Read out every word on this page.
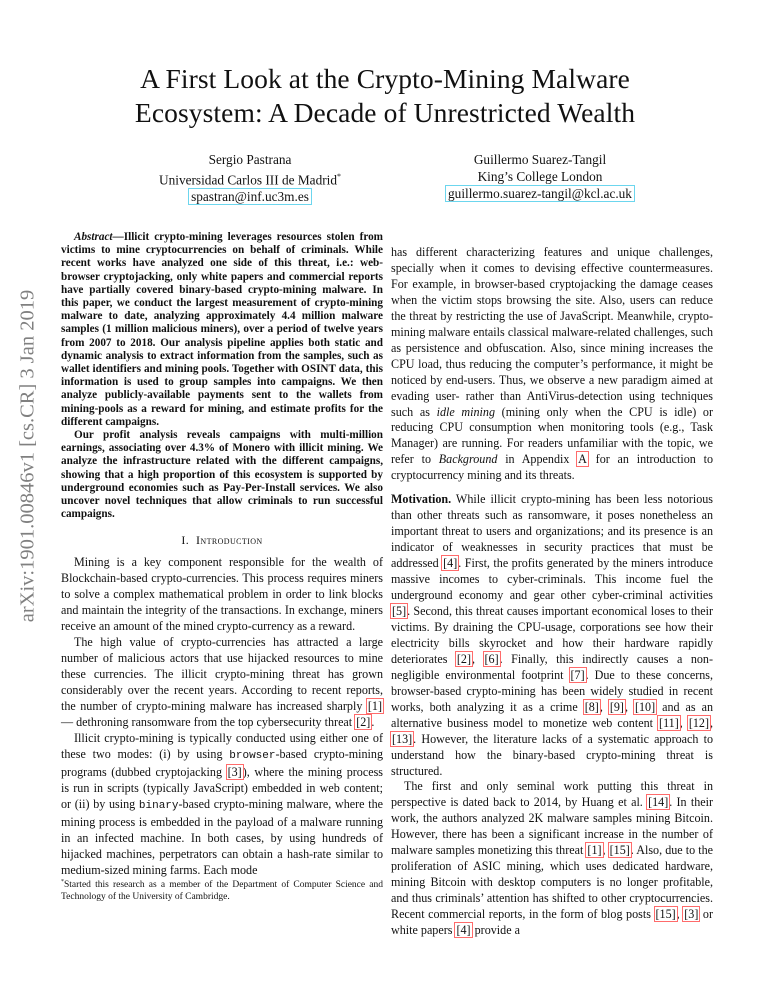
arXiv:1901.00846v1 [cs.CR] 3 Jan 2019
A First Look at the Crypto-Mining Malware
Ecosystem: A Decade of Unrestricted Wealth
Sergio Pastrana
Universidad Carlos III de Madrid*
spastran@inf.uc3m.es
Guillermo Suarez-Tangil
King’s College London
guillermo.suarez-tangil@kcl.ac.uk

Abstract—Illicit crypto-mining leverages resources stolen from victims to mine cryptocurrencies on behalf of criminals. While recent works have analyzed one side of this threat, i.e.: web-browser cryptojacking, only white papers and commercial reports have partially covered binary-based crypto-mining malware. In this paper, we conduct the largest measurement of crypto-mining malware to date, analyzing approximately 4.4 million malware samples (1 million malicious miners), over a period of twelve years from 2007 to 2018. Our analysis pipeline applies both static and dynamic analysis to extract information from the samples, such as wallet identifiers and mining pools. Together with OSINT data, this information is used to group samples into campaigns. We then analyze publicly-available payments sent to the wallets from mining-pools as a reward for mining, and estimate profits for the different campaigns.

Our profit analysis reveals campaigns with multi-million earnings, associating over 4.3% of Monero with illicit mining. We analyze the infrastructure related with the different campaigns, showing that a high proportion of this ecosystem is supported by underground economies such as Pay-Per-Install services. We also uncover novel techniques that allow criminals to run successful campaigns.

I. Introduction

Mining is a key component responsible for the wealth of Blockchain-based crypto-currencies. This process requires miners to solve a complex mathematical problem in order to link blocks and maintain the integrity of the transactions. In exchange, miners receive an amount of the mined crypto-currency as a reward.

The high value of crypto-currencies has attracted a large number of malicious actors that use hijacked resources to mine these currencies. The illicit crypto-mining threat has grown considerably over the recent years. According to recent reports, the number of crypto-mining malware has increased sharply [1] — dethroning ransomware from the top cybersecurity threat [2].

Illicit crypto-mining is typically conducted using either one of these two modes: (i) by using browser-based crypto-mining programs (dubbed cryptojacking [3]), where the mining process is run in scripts (typically JavaScript) embedded in web content; or (ii) by using binary-based crypto-mining malware, where the mining process is embedded in the payload of a malware running in an infected machine. In both cases, by using hundreds of hijacked machines, perpetrators can obtain a hash-rate similar to medium-sized mining farms. Each mode

*Started this research as a member of the Department of Computer Science and Technology of the University of Cambridge.

has different characterizing features and unique challenges, specially when it comes to devising effective countermeasures. For example, in browser-based cryptojacking the damage ceases when the victim stops browsing the site. Also, users can reduce the threat by restricting the use of JavaScript. Meanwhile, crypto-mining malware entails classical malware-related challenges, such as persistence and obfuscation. Also, since mining increases the CPU load, thus reducing the computer’s performance, it might be noticed by end-users. Thus, we observe a new paradigm aimed at evading user- rather than AntiVirus-detection using techniques such as idle mining (mining only when the CPU is idle) or reducing CPU consumption when monitoring tools (e.g., Task Manager) are running. For readers unfamiliar with the topic, we refer to Background in Appendix A for an introduction to cryptocurrency mining and its threats.

Motivation. While illicit crypto-mining has been less notorious than other threats such as ransomware, it poses nonetheless an important threat to users and organizations; and its presence is an indicator of weaknesses in security practices that must be addressed [4]. First, the profits generated by the miners introduce massive incomes to cyber-criminals. This income fuel the underground economy and gear other cyber-criminal activities [5]. Second, this threat causes important economical loses to their victims. By draining the CPU-usage, corporations see how their electricity bills skyrocket and how their hardware rapidly deteriorates [2], [6]. Finally, this indirectly causes a non-negligible environmental footprint [7]. Due to these concerns, browser-based crypto-mining has been widely studied in recent works, both analyzing it as a crime [8], [9], [10] and as an alternative business model to monetize web content [11], [12], [13]. However, the literature lacks of a systematic approach to understand how the binary-based crypto-mining threat is structured.

The first and only seminal work putting this threat in perspective is dated back to 2014, by Huang et al. [14]. In their work, the authors analyzed 2K malware samples mining Bitcoin. However, there has been a significant increase in the number of malware samples monetizing this threat [1], [15]. Also, due to the proliferation of ASIC mining, which uses dedicated hardware, mining Bitcoin with desktop computers is no longer profitable, and thus criminals’ attention has shifted to other cryptocurrencies. Recent commercial reports, in the form of blog posts [15], [3] or white papers [4] provide a
